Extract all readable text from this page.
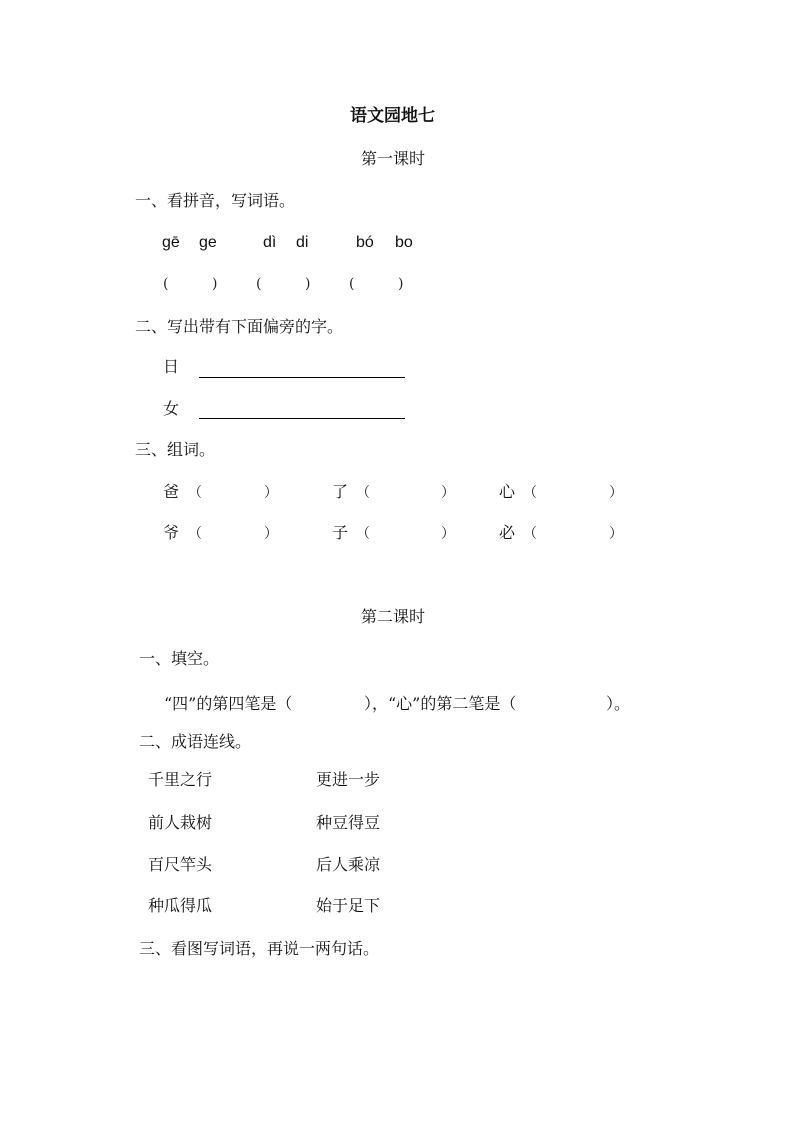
语文园地七
第一课时
一、看拼音，写词语。
gē ge	dì di	bó bo
(	)	(	)	(	)
二、写出带有下面偏旁的字。
日
女
三、组词。
爸 （	）	了 （	）	心 （	）
爷 （	）	子 （	）	必 （	）
第二课时
一、填空。
“四”的第四笔是（	），“心”的第二笔是（	）。
二、成语连线。
千里之行	更进一步
前人栽树	种豆得豆
百尺竿头	后人乘凉
种瓜得瓜	始于足下
三、看图写词语，再说一两句话。
